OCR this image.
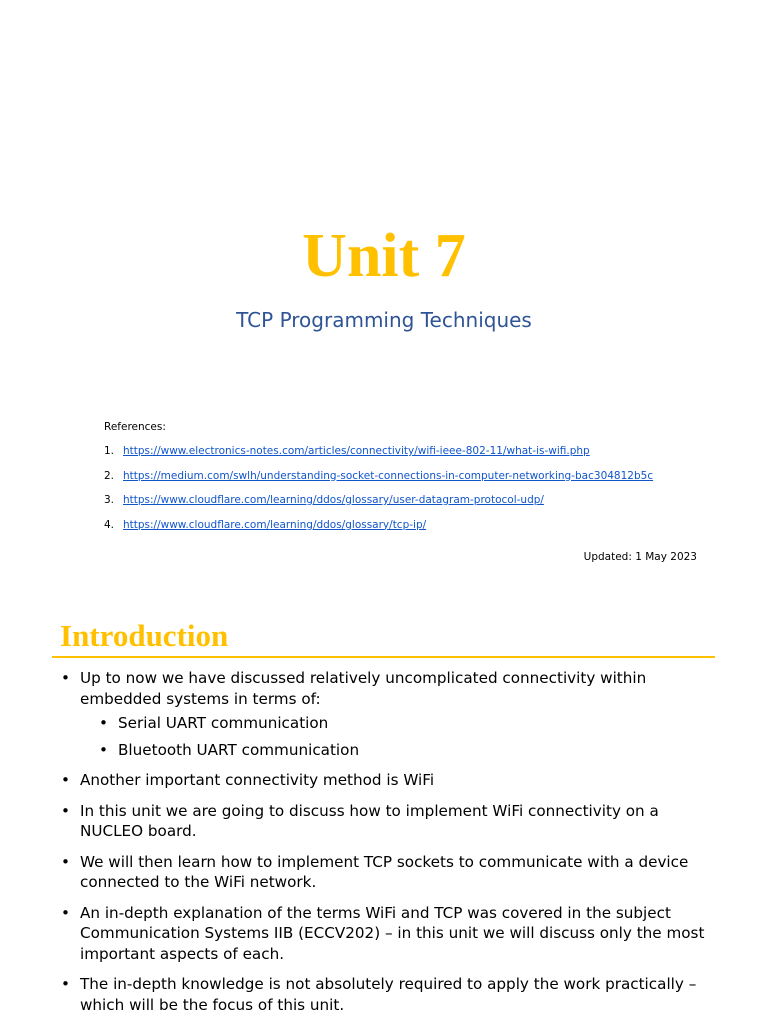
Unit 7
TCP Programming Techniques
References:
1. https://www.electronics-notes.com/articles/connectivity/wifi-ieee-802-11/what-is-wifi.php
2. https://medium.com/swlh/understanding-socket-connections-in-computer-networking-bac304812b5c
3. https://www.cloudflare.com/learning/ddos/glossary/user-datagram-protocol-udp/
4. https://www.cloudflare.com/learning/ddos/glossary/tcp-ip/
Updated: 1 May 2023
Introduction
• Up to now we have discussed relatively uncomplicated connectivity within embedded systems in terms of:
• Serial UART communication
• Bluetooth UART communication
• Another important connectivity method is WiFi
• In this unit we are going to discuss how to implement WiFi connectivity on a NUCLEO board.
• We will then learn how to implement TCP sockets to communicate with a device connected to the WiFi network.
• An in-depth explanation of the terms WiFi and TCP was covered in the subject Communication Systems IIB (ECCV202) – in this unit we will discuss only the most important aspects of each.
• The in-depth knowledge is not absolutely required to apply the work practically – which will be the focus of this unit.
